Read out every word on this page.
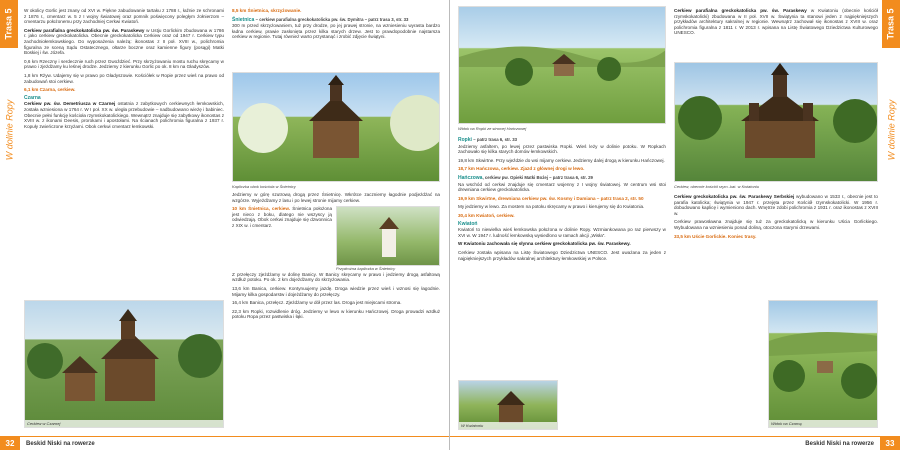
Trasa 5
W dolinie Ropy

W okolicy Gorlic jest znany od XVI w. Piękne zabudowanie tartaku z 1788 r., łaźnie ze schronami z 1876 r., cmentarz w. 5 z I wojny światowej oraz pomnik poświęcony poległym żołnierzom – cmentarzu położonemu przy zachodniej Cerkwi Kwiatoń.

Cerkiew parafialna greckokatolicka pw. św. Paraskewy w Ustju Gorlickim zbudowana w 1786 r. jako cerkiew greckokatolicka. Obecnie greckokatolicka Cerkiew oraz od 1947 r. Cerkiew typu zachodniołemkowskiego. Do wyposażenia należą: ikonostas z II poł. XVIII w., polichromia figuralna ze sceną Sądu Ostatecznego, ołtarze boczne oraz kamienne figury (posągi) Matki Boskiej i św. Józefa.

0,6 km Rzeczny i serdecznie ruch przez Gwoździeć. Przy skrzyżowaniu mostu ruchu skręcamy w prawo i zjeżdżamy ku leśnej drodze. Jedziemy z kierunku Gorlic po ok. 8 km na Gładyszów.

1,8 km Rżyw. Udajemy się w prawo po Gładyszowie. Kościółek w Ropie przez wieś na prawo od zabudowań stoi cerkiew.

6,1 km Czarna, cerkiew.

Czarna

Cerkiew pw. św. Demetriusza w Czarnej ostatnia z zabytkowych cerkiewnych łemkowskich, została wzniesiona w 1764 r. W I poł. XX w. uległa przebudowie – nadbudowano wieżę i babiniec. Obecnie pełni funkcję kościoła rzymskokatolickiego. Wewnątrz znajduje się zabytkowy ikonostas z XVIII w. z ikonami Deesis, prorokami i apostołami. Na ścianach polichromia figuralna z 1937 r. Kopuły zwieńczone krzyżami. Obok cerkwi cmentarz łemkowski.

Cerkiew w Czarnej

8,5 km Śnietnica, skrzyżowanie.

Śnietnica – cerkiew parafialna greckokatolicka pw. św. Dymitra – patrz trasa 3, str. 33

300 m przed skrzyżowaniem, tuż przy drodze, po jej prawej stronie, na wzniesieniu wyrasta bardzo ładna cerkiew, prawie zasłonięta przez kilka starych drzew. Jest to prawdopodobnie najstarsza cerkiew w regionie. Tutaj również warto przystanąć i zrobić zdjęcie świątyni.

Kapliczka obok kościoła w Śnietnicy

Jedziemy w górę szutrową drogą przez Śnietnicę. Wkrótce zaczniemy łagodnie podjeżdżać na wzgórze. Wyjeżdżamy z lasu i po lewej stronie mijamy cerkiew.

10 km Śnietnica, cerkiew. Śnietnica położona jest nieco z boku, dlatego nie wszyscy ją odwiedzają. Obok cerkwi znajduje się dzwonnica z XIX w. i cmentarz.

Przydrożna kapliczka w Śnietnicy

Z przełęczy zjeżdżamy w dolinę Banicy. W Banicy skręcamy w prawo i jedziemy drogą asfaltową wzdłuż potoku. Po ok. 2 km dojeżdżamy do skrzyżowania.

13,6 km Banica, cerkiew. Kontynuujemy jazdę. Droga wiedzie przez wieś i wznosi się łagodnie. Mijamy kilka gospodarstw i dojeżdżamy do przełęczy.

16,4 km Banica, przełęcz. Zjeżdżamy w dół przez las. Droga jest miejscami stroma.

22,3 km Ropki, rozwidlenie dróg. Jedziemy w lewo w kierunku Hańczowej. Droga prowadzi wzdłuż potoku Ropa przez pastwiska i łąki.

32	Beskid Niski na rowerze
Trasa 5
W dolinie Ropy
Widok na Ropki ze stromej Hańczowej
Ropki – patrz trasa 6, str. 33

Jedziemy asfaltem, po lewej przez pastwiska Ropki. Wieś leży w dolinie potoku. W Ropkach zachowało się kilka starych domów łemkowskich.

19,8 km Skwirtne. Przy wjeździe do wsi mijamy cerkiew. Jedziemy dalej drogą w kierunku Hańczowej.

18,7 km Hańczowa, cerkiew. Zjazd z głównej drogi w lewo.

Hańczowa, cerkiew pw. Opieki Matki Bożej – patrz trasa 6, str. 29

Na wschód od cerkwi znajduje się cmentarz wojenny z I wojny światowej. W centrum wsi stoi drewniana cerkiew greckokatolicka.

19,9 km Skwirtne, drewniana cerkiew pw. św. Kosmy i Damiana – patrz trasa 2, str. 50

My jedziemy w lewo. Za mostem na potoku skręcamy w prawo i kierujemy się do Kwiatonia.

30,4 km Kwiatoń, cerkiew.

Kwiatoń

Kwiatoń to niewielka wieś łemkowska położona w dolinie Ropy. Wzmiankowana po raz pierwszy w XVI w. W 1947 r. ludność łemkowską wysiedlono w ramach akcji „Wisła”.

W Kwiatoniu zachowała się słynna cerkiew greckokatolicka pw. św. Paraskewy.

Cerkiew została wpisana na Listę Światowego Dziedzictwa UNESCO. Jest uważana za jeden z najpiękniejszych przykładów sakralnej architektury łemkowskiej w Polsce.

W Kwiatoniu

Cerkiew parafialna greckokatolicka pw. św. Paraskewy w Kwiatoniu (obecnie kościół rzymskokatolicki) zbudowana w II poł. XVII w. Świątynia ta stanowi jeden z najpiękniejszych przykładów architektury sakralnej w regionie. Wewnątrz zachował się ikonostas z XVIII w. oraz polichromia figuralna z 1811 r. W 2013 r. wpisana na Listę Światowego Dziedzictwa Kulturowego UNESCO.

Cerkiew, obecnie kościół rzym.-kat. w Kwiatoniu

Cerkiew greckokatolicka pw. św. Paraskewy Serbskiej wybudowano w 1533 r., obecnie jest to parafia katolicka; świątynia w 1947 r. przejęta przez Kościół rzymskokatolicki. W 1956 r. dobudowano kaplicę i wymieniono dach. Wnętrze zdobi polichromia z 1931 r. oraz ikonostas z XVIII w.

Cerkiew prawosławna znajduje się tuż za greckokatolicką w kierunku Uścia Gorlickiego. Wybudowana na wzniesieniu ponad doliną, otoczona starymi drzewami.

33,5 km Uście Gorlickie. Koniec trasy.

Widok na Czarną
Beskid Niski na rowerze	33
